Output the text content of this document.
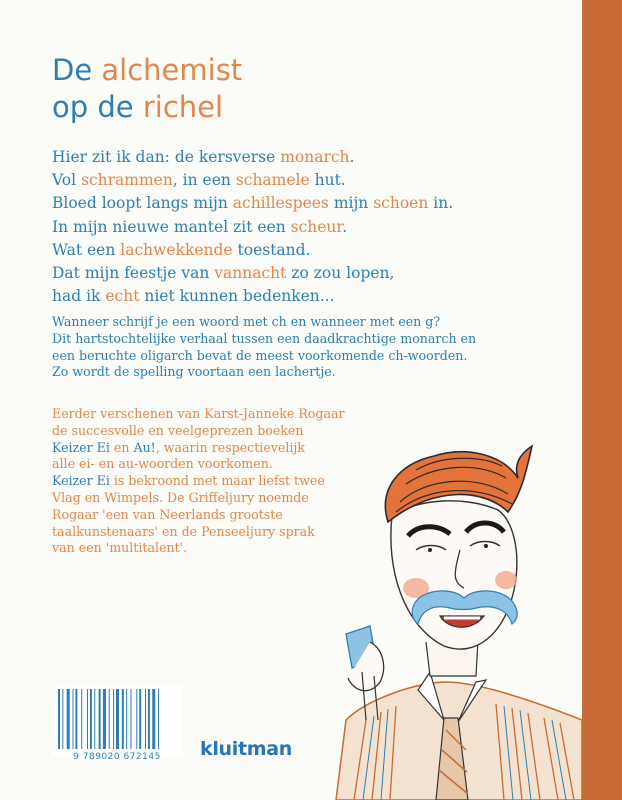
De alchemist
op de richel
Hier zit ik dan: de kersverse monarch.
Vol schrammen, in een schamele hut.
Bloed loopt langs mijn achillespees mijn schoen in.
In mijn nieuwe mantel zit een scheur.
Wat een lachwekkende toestand.
Dat mijn feestje van vannacht zo zou lopen,
had ik echt niet kunnen bedenken...
Wanneer schrijf je een woord met ch en wanneer met een g?
Dit hartstochtelijke verhaal tussen een daadkrachtige monarch en
een beruchte oligarch bevat de meest voorkomende ch-woorden.
Zo wordt de spelling voortaan een lachertje.
Eerder verschenen van Karst-Janneke Rogaar
de succesvolle en veelgeprezen boeken
Keizer Ei en Au!, waarin respectievelijk
alle ei- en au-woorden voorkomen.
Keizer Ei is bekroond met maar liefst twee
Vlag en Wimpels. De Griffeljury noemde
Rogaar 'een van Neerlands grootste
taalkunstenaars' en de Penseeljury sprak
van een 'multitalent'.
9 789020 672145	kluitman
